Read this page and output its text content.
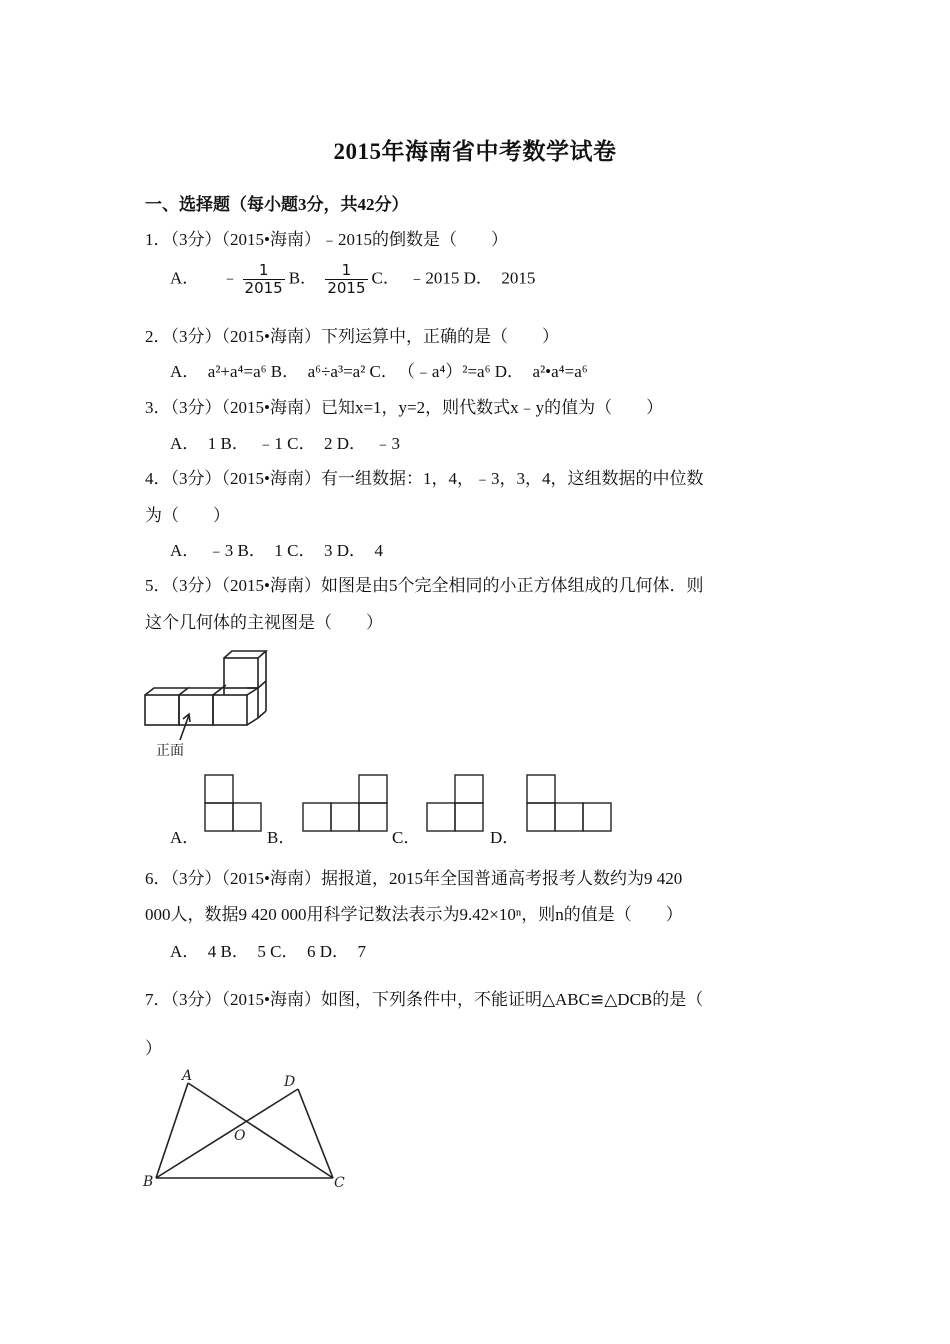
2015年海南省中考数学试卷
一、选择题（每小题3分，共42分）
1．（3分）（2015•海南）﹣2015的倒数是（　　）
A． ﹣ $\frac{1}{2015}$ B． $\frac{1}{2015}$ C．　﹣2015 D．　2015
2．（3分）（2015•海南）下列运算中，正确的是（　　）
A．　a²+a⁴=a⁶ B．　a⁶÷a³=a² C．　（﹣a⁴）²=a⁶ D．　a²•a⁴=a⁶
3．（3分）（2015•海南）已知x=1，y=2，则代数式x﹣y的值为（　　）
A．　1 B．　﹣1 C．　2 D．　﹣3
4．（3分）（2015•海南）有一组数据：1，4，﹣3，3，4，这组数据的中位数
为（　　）
A．　﹣3 B．　1 C．　3 D．　4
5．（3分）（2015•海南）如图是由5个完全相同的小正方体组成的几何体．则
这个几何体的主视图是（　　）
正面
A．	B．	C．	D．
6．（3分）（2015•海南）据报道，2015年全国普通高考报考人数约为9 420
000人，数据9 420 000用科学记数法表示为9.42×10ⁿ，则n的值是（　　）
A．　4 B．　5 C．　6 D．　7
7．（3分）（2015•海南）如图，下列条件中，不能证明△ABC≌△DCB的是（
）
A	D
O
B	C
